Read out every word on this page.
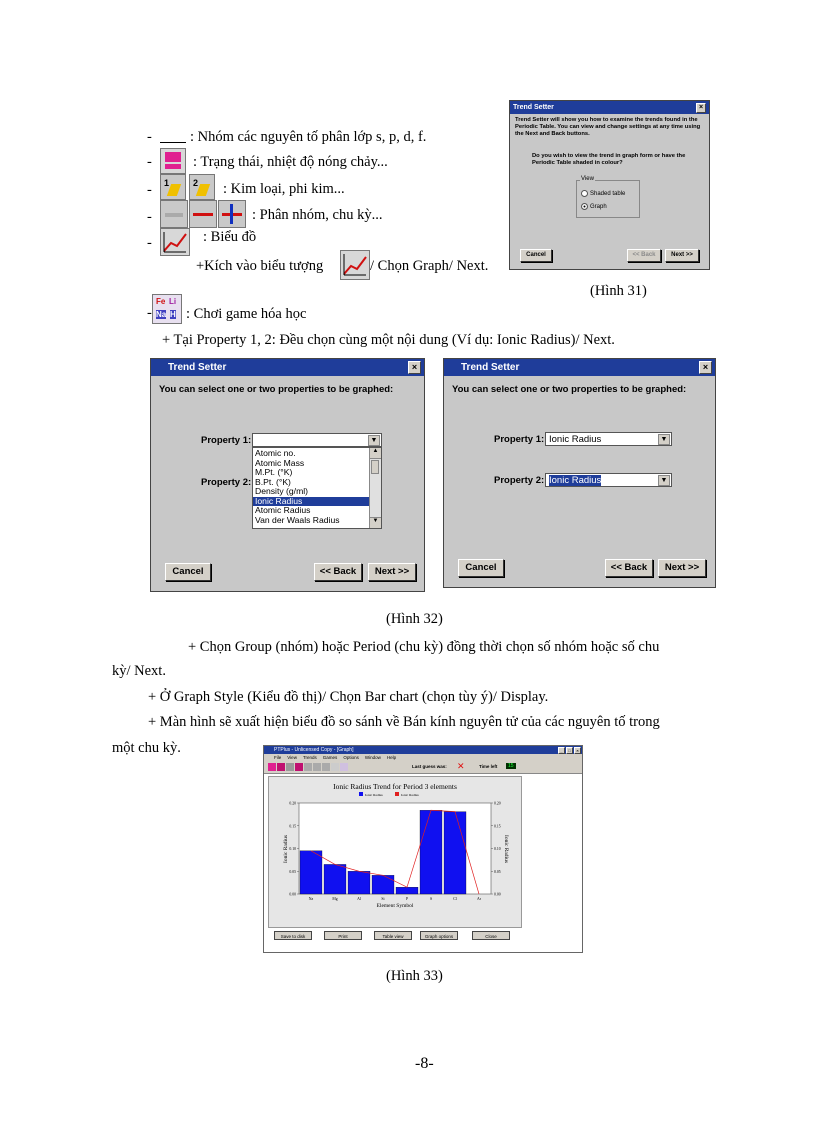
-	: Nhóm các nguyên tố phân lớp s, p, d, f.
-	: Trạng thái, nhiệt độ nóng chảy...
- 1	2 : Kim loại, phi kim...
-	: Phân nhóm, chu kỳ...
-	: Biểu đồ
+Kích vào biểu tượng	/ Chọn Graph/ Next.
-
Fe Li
Na H : Chơi game hóa học
+ Tại Property 1, 2: Đều chọn cùng một nội dung (Ví dụ: Ionic Radius)/ Next.
Trend Setter	×
Trend Setter will show you how to examine the trends found in the Periodic Table. You can view and change settings at any time using the Next and Back buttons.
Do you wish to view the trend in graph form or have the Periodic Table shaded in colour?
View
Shaded table
Graph
Cancel	<< Back	Next >>
(Hình 31)
Trend Setter	×
You can select one or two properties to be graphed:
Property 1:	▼
Property 2:
Atomic no.
Atomic Mass
M.Pt. (°K)
B.Pt. (°K)
Density (g/ml)
Ionic Radius
Atomic Radius
Van der Waals Radius
▲
▼
Cancel	<< Back	Next >>
Trend Setter	×
You can select one or two properties to be graphed:
Property 1: Ionic Radius	▼
Property 2: Ionic Radius	▼
Cancel	<< Back	Next >>
(Hình 32)
+ Chọn Group (nhóm) hoặc Period (chu kỳ) đồng thời chọn số nhóm hoặc số chu
kỳ/ Next.
+ Ở Graph Style (Kiểu đồ thị)/ Chọn Bar chart (chọn tùy ý)/ Display.
+ Màn hình sẽ xuất hiện biểu đồ so sánh về Bán kính nguyên tử của các nguyên tố trong
một chu kỳ.	PTPlus - Unlicensed Copy - [Graph]	_	□	×
File View Trends Games Options Window Help
Last guess was: ✕	Time left	15
Ionic Radius Trend for Period 3 elements
Ionic Radius	Ionic Radius
0.20	0.20
0.15	0.15
0.10	0.10
0.05	0.05
0.00	0.00
Na	Mg	Al	Si	P	S	Cl	Ar
Element Symbol
Ionic Radius	Ionic Radius
Save to disk	Print	Table view	Graph options	Close
(Hình 33)
-8-
